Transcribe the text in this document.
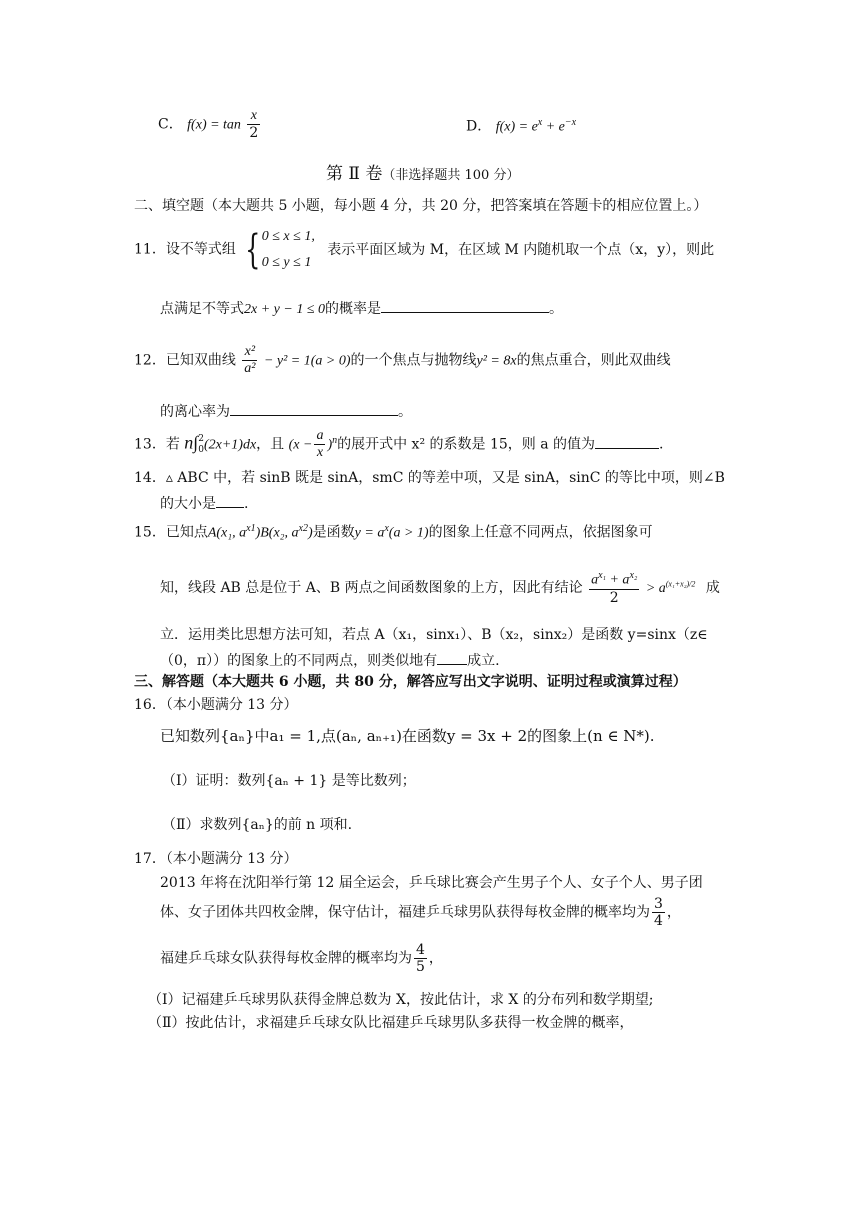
C． $f(x) = \tan \frac{x}{2}$	D． $f(x) = e^x + e^{-x}$
第 Ⅱ 卷（非选择题共 100 分）
二、填空题（本大题共 5 小题，每小题 4 分，共 20 分，把答案填在答题卡的相应位置上。）
11．设不等式组 { 0 ≤ x ≤ 1,
0 ≤ y ≤ 1
表示平面区域为 M，在区域 M 内随机取一个点（x，y），则此
点满足不等式2x + y − 1 ≤ 0的概率是	。
12．已知双曲线 $\frac{\text{x²}}{\text{a²}} - y^2 = 1(a > 0)$的一个焦点与抛物线y² = 8x的焦点重合，则此双曲线
的离心率为	。
13．若 n∫ 2
0 (2x+1)dx，且 $(x - \frac{a}{x} )^n$的展开式中 x² 的系数是 15，则 a 的值为	.
14．▵ ABC 中，若 sinB 既是 sinA，smC 的等差中项，又是 sinA，sinC 的等比中项，则∠B
的大小是 .
15．已知点A(x₁, $a^{x1})B(x_2$, $a^{x2}$)是函数$y = a^x(a > 1)$的图象上任意不同两点，依据图象可
知，线段 AB 总是位于 A、B 两点之间函数图象的上方，因此有结论 $\frac{a^{x_1} + a^{x_2}}{2} > a^{(x_1+x_2)/2}$ 成
立．运用类比思想方法可知，若点 A（x₁，sinx₁）、B（x₂，sinx₂）是函数 y=sinx（z∈
（0，π））的图象上的不同两点，则类似地有 成立.
三、解答题（本大题共 6 小题，共 80 分，解答应写出文字说明、证明过程或演算过程）
16．（本小题满分 13 分）
已知数列{aₙ}中a₁ = 1,点(aₙ, aₙ₊₁)在函数y = 3x + 2的图象上(n ∈ N*).
（Ⅰ）证明：数列{aₙ + 1} 是等比数列；
（Ⅱ）求数列{aₙ}的前 n 项和.
17．（本小题满分 13 分）
2013 年将在沈阳举行第 12 届全运会，乒乓球比赛会产生男子个人、女子个人、男子团
体、女子团体共四枚金牌，保守估计，福建乒乓球男队获得每枚金牌的概率均为 $\frac{3}{4}$ ，
福建乒乓球女队获得每枚金牌的概率均为 $\frac{4}{5}$ ，
（Ⅰ）记福建乒乓球男队获得金牌总数为 X，按此估计，求 X 的分布列和数学期望;
（Ⅱ）按此估计，求福建乒乓球女队比福建乒乓球男队多获得一枚金牌的概率，
